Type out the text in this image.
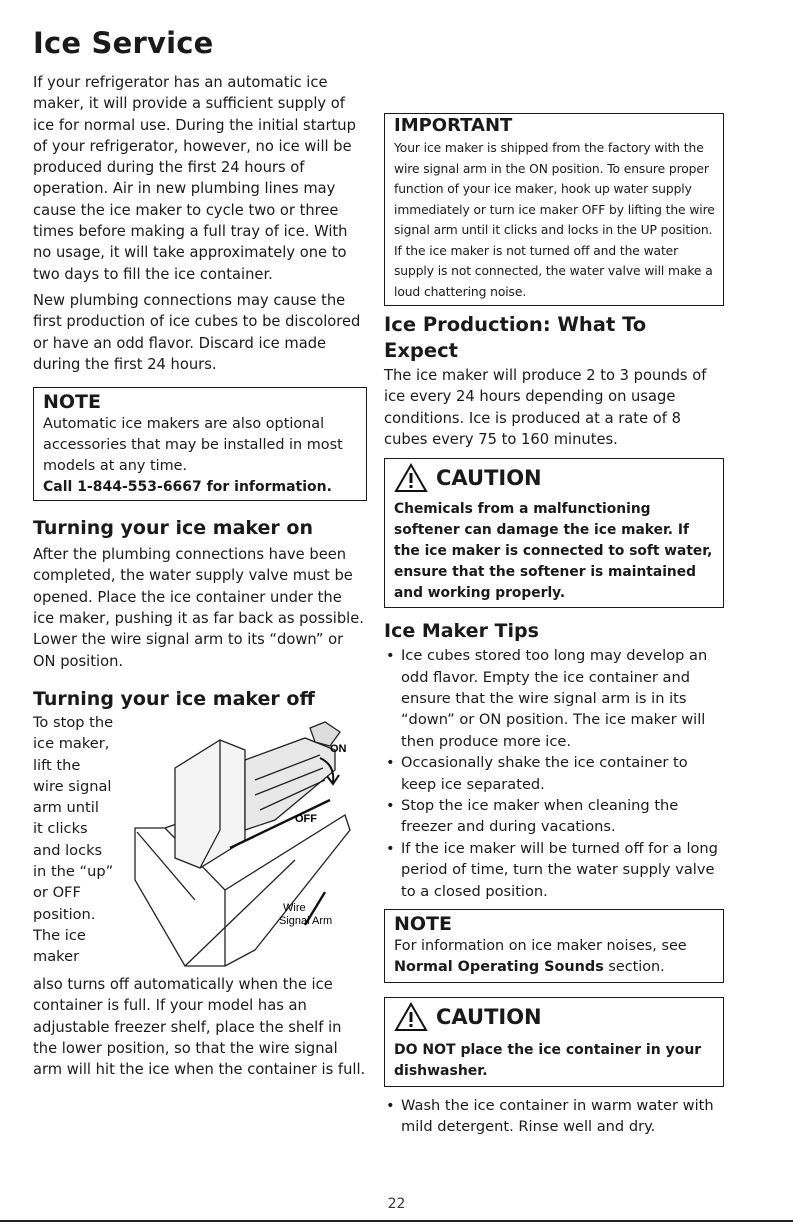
Ice Service

If your refrigerator has an automatic ice maker, it will provide a sufficient supply of ice for normal use. During the initial startup of your refrigerator, however, no ice will be produced during the first 24 hours of operation. Air in new plumbing lines may cause the ice maker to cycle two or three times before making a full tray of ice. With no usage, it will take approximately one to two days to fill the ice container.

New plumbing connections may cause the first production of ice cubes to be discolored or have an odd flavor. Discard ice made during the first 24 hours.

NOTE
Automatic ice makers are also optional accessories that may be installed in most models at any time.
Call 1-844-553-6667 for information.
Turning your ice maker on

After the plumbing connections have been completed, the water supply valve must be opened. Place the ice container under the ice maker, pushing it as far back as possible. Lower the wire signal arm to its “down” or ON position.

Turning your ice maker off
To stop the
ice maker,
lift the
wire signal
arm until
it clicks
and locks
in the “up”
or OFF
position.
The ice
maker
ON
OFF
Wire
Signal Arm

also turns off automatically when the ice container is full. If your model has an adjustable freezer shelf, place the shelf in the lower position, so that the wire signal arm will hit the ice when the container is full.

IMPORTANT
Your ice maker is shipped from the factory with the wire signal arm in the ON position. To ensure proper function of your ice maker, hook up water supply immediately or turn ice maker OFF by lifting the wire signal arm until it clicks and locks in the UP position.
If the ice maker is not turned off and the water supply is not connected, the water valve will make a loud chattering noise.
Ice Production: What To Expect

The ice maker will produce 2 to 3 pounds of ice every 24 hours depending on usage conditions. Ice is produced at a rate of 8 cubes every 75 to 160 minutes.

CAUTION
Chemicals from a malfunctioning softener can damage the ice maker. If the ice maker is connected to soft water, ensure that the softener is maintained and working properly.
Ice Maker Tips
• Ice cubes stored too long may develop an odd flavor. Empty the ice container and ensure that the wire signal arm is in its “down” or ON position. The ice maker will then produce more ice.
• Occasionally shake the ice container to keep ice separated.
• Stop the ice maker when cleaning the freezer and during vacations.
• If the ice maker will be turned off for a long period of time, turn the water supply valve to a closed position.
NOTE
For information on ice maker noises, see Normal Operating Sounds section.
CAUTION
DO NOT place the ice container in your dishwasher.
• Wash the ice container in warm water with mild detergent. Rinse well and dry.
22
